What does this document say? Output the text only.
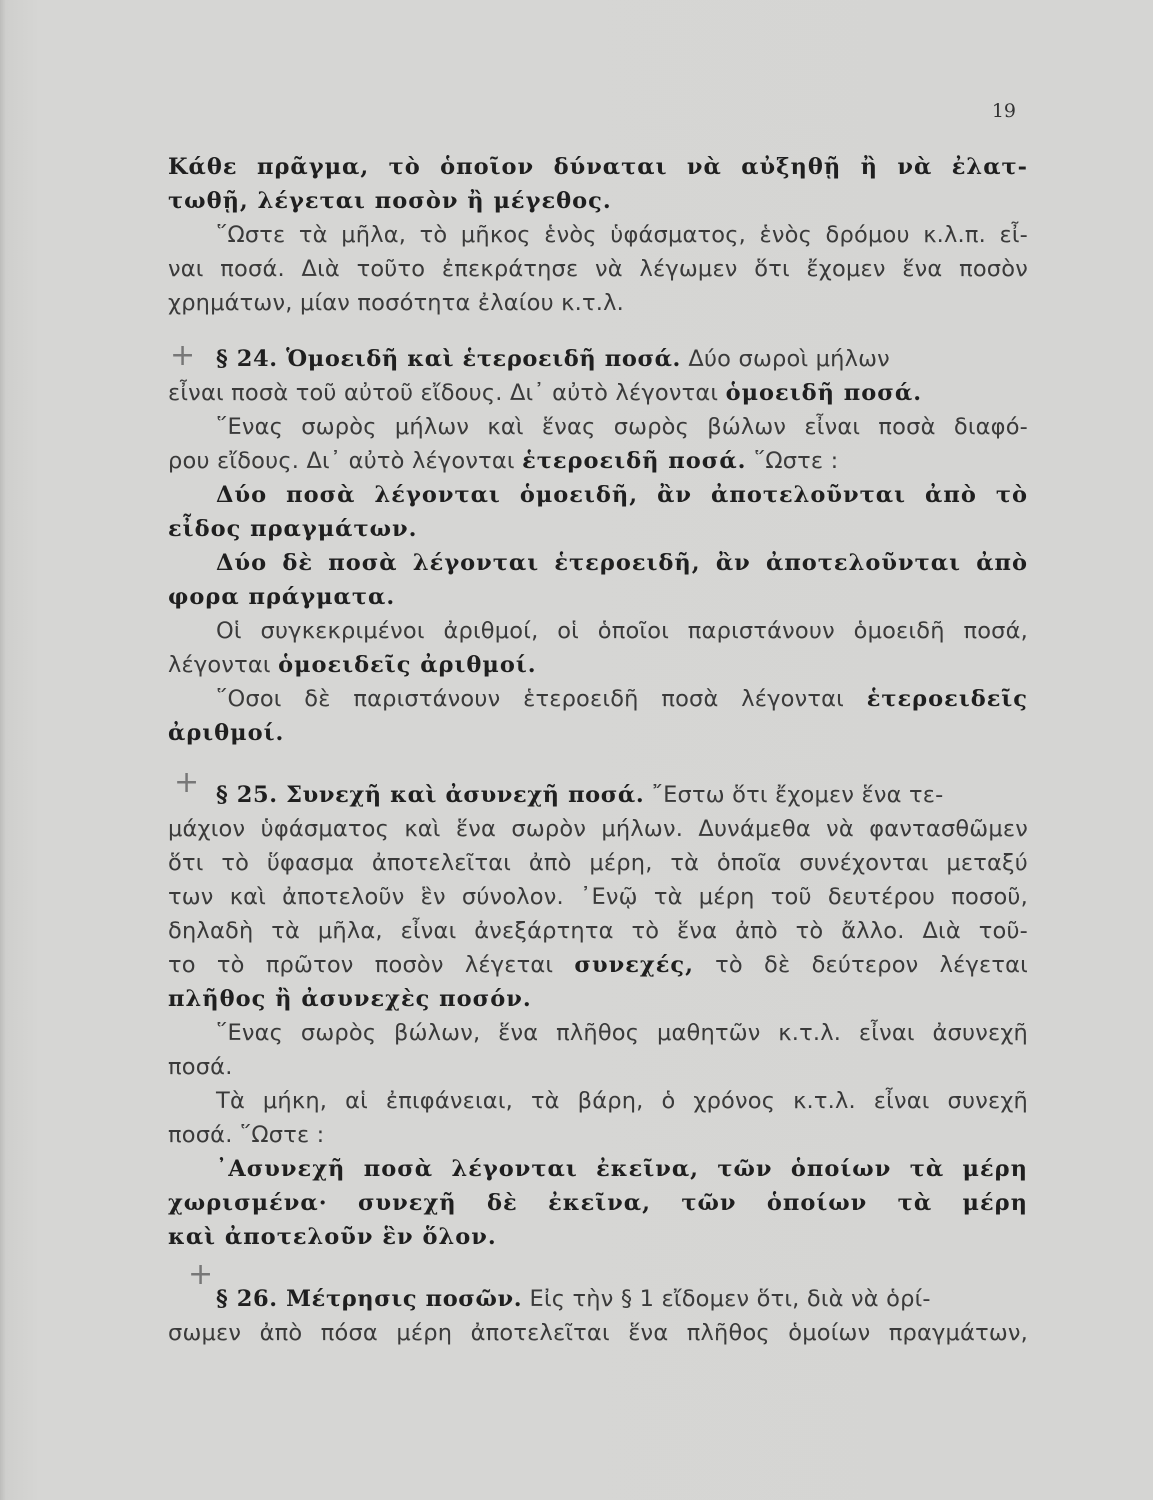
19
Κάθε πρᾶγμα, τὸ ὁποῖον δύναται νὰ αὐξηθῇ ἢ νὰ ἐλατ-
τωθῇ, λέγεται ποσὸν ἢ μέγεθος.
῞Ωστε τὰ μῆλα, τὸ μῆκος ἑνὸς ὑφάσματος, ἑνὸς δρόμου κ.λ.π. εἶ-
ναι ποσά. Διὰ τοῦτο ἐπεκράτησε νὰ λέγωμεν ὅτι ἔχομεν ἕνα ποσὸν
χρημάτων, μίαν ποσότητα ἐλαίου κ.τ.λ.
+ § 24. Ὁμοειδῆ καὶ ἑτεροειδῆ ποσά. Δύο σωροὶ μήλων
εἶναι ποσὰ τοῦ αὐτοῦ εἴδους. Δι᾽ αὐτὸ λέγονται ὁμοειδῆ ποσά.
῞Ενας σωρὸς μήλων καὶ ἕνας σωρὸς βώλων εἶναι ποσὰ διαφό-
ρου εἴδους. Δι᾽ αὐτὸ λέγονται ἑτεροειδῆ ποσά. ῞Ωστε :
Δύο ποσὰ λέγονται ὁμοειδῆ, ἂν ἀποτελοῦνται ἀπὸ τὸ
εἶδος πραγμάτων.
Δύο δὲ ποσὰ λέγονται ἑτεροειδῆ, ἂν ἀποτελοῦνται ἀπὸ
φορα πράγματα.
Οἱ συγκεκριμένοι ἀριθμοί, οἱ ὁποῖοι παριστάνουν ὁμοειδῆ ποσά,
λέγονται ὁμοειδεῖς ἀριθμοί.
῞Οσοι δὲ παριστάνουν ἑτεροειδῆ ποσὰ λέγονται ἑτεροειδεῖς
ἀριθμοί.
+ § 25. Συνεχῆ καὶ ἀσυνεχῆ ποσά. ῎Εστω ὅτι ἔχομεν ἕνα τε-
μάχιον ὑφάσματος καὶ ἕνα σωρὸν μήλων. Δυνάμεθα νὰ φαντασθῶμεν
ὅτι τὸ ὕφασμα ἀποτελεῖται ἀπὸ μέρη, τὰ ὁποῖα συνέχονται μεταξύ
των καὶ ἀποτελοῦν ἓν σύνολον. ᾿Ενῷ τὰ μέρη τοῦ δευτέρου ποσοῦ,
δηλαδὴ τὰ μῆλα, εἶναι ἀνεξάρτητα τὸ ἕνα ἀπὸ τὸ ἄλλο. Διὰ τοῦ-
το τὸ πρῶτον ποσὸν λέγεται συνεχές, τὸ δὲ δεύτερον λέγεται
πλῆθος ἢ ἀσυνεχὲς ποσόν.
῞Ενας σωρὸς βώλων, ἕνα πλῆθος μαθητῶν κ.τ.λ. εἶναι ἀσυνεχῆ
ποσά.
Τὰ μήκη, αἱ ἐπιφάνειαι, τὰ βάρη, ὁ χρόνος κ.τ.λ. εἶναι συνεχῆ
ποσά. ῞Ωστε :
᾿Ασυνεχῆ ποσὰ λέγονται ἐκεῖνα, τῶν ὁποίων τὰ μέρη
χωρισμένα· συνεχῆ δὲ ἐκεῖνα, τῶν ὁποίων τὰ μέρη
καὶ ἀποτελοῦν ἓν ὅλον.
+
§ 26. Μέτρησις ποσῶν. Εἰς τὴν § 1 εἴδομεν ὅτι, διὰ νὰ ὁρί-
σωμεν ἀπὸ πόσα μέρη ἀποτελεῖται ἕνα πλῆθος ὁμοίων πραγμάτων,
